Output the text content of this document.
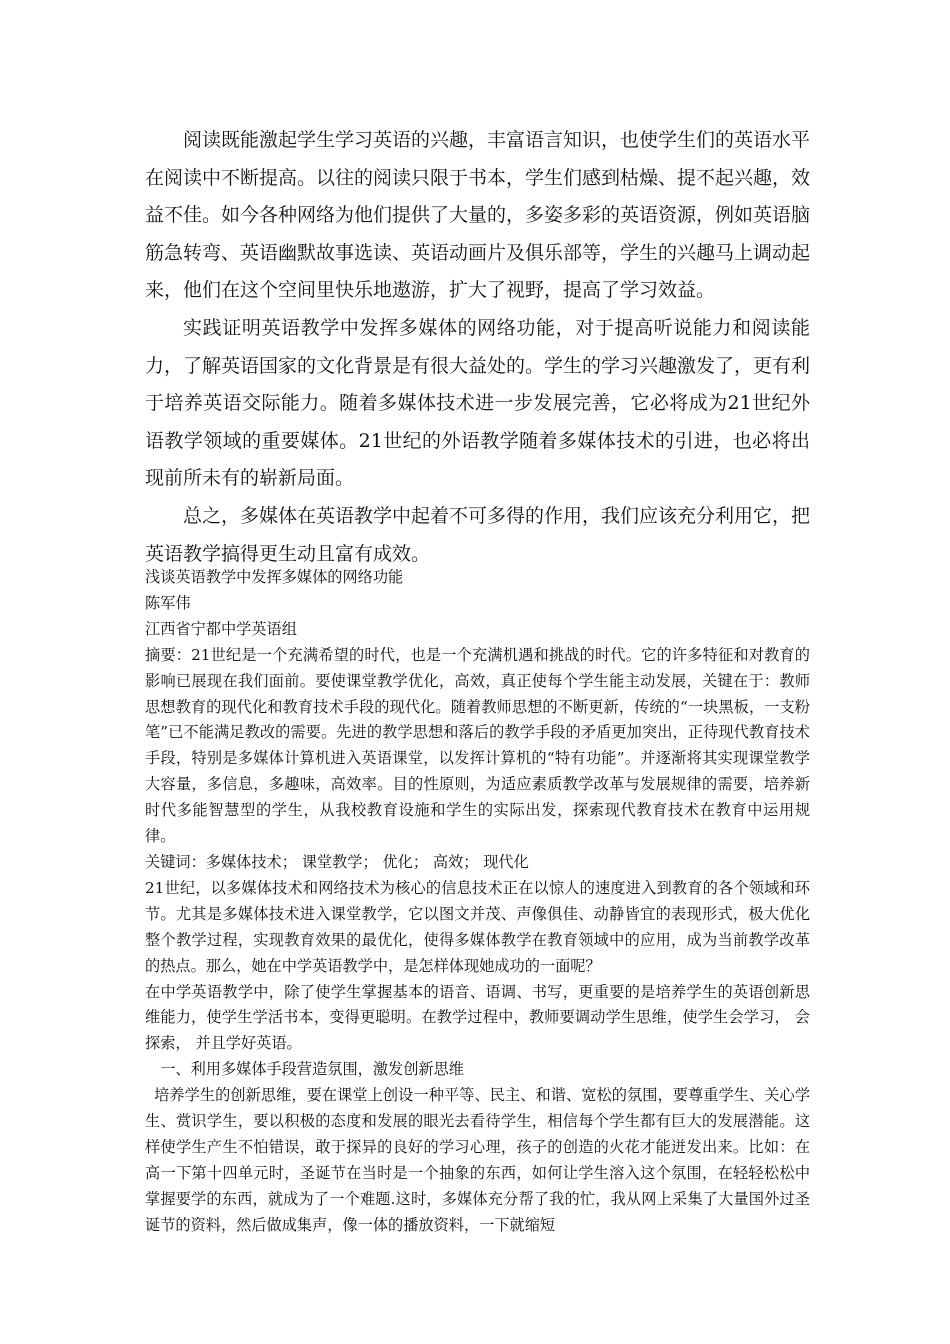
阅读既能激起学生学习英语的兴趣，丰富语言知识，也使学生们的英语水平在阅读中不断提高。以往的阅读只限于书本，学生们感到枯燥、提不起兴趣，效益不佳。如今各种网络为他们提供了大量的，多姿多彩的英语资源，例如英语脑筋急转弯、英语幽默故事选读、英语动画片及俱乐部等，学生的兴趣马上调动起来，他们在这个空间里快乐地遨游，扩大了视野，提高了学习效益。

实践证明英语教学中发挥多媒体的网络功能，对于提高听说能力和阅读能力，了解英语国家的文化背景是有很大益处的。学生的学习兴趣激发了，更有利于培养英语交际能力。随着多媒体技术进一步发展完善，它必将成为21世纪外语教学领域的重要媒体。21世纪的外语教学随着多媒体技术的引进，也必将出现前所未有的崭新局面。

总之，多媒体在英语教学中起着不可多得的作用，我们应该充分利用它，把英语教学搞得更生动且富有成效。

浅谈英语教学中发挥多媒体的网络功能

陈军伟

江西省宁都中学英语组

摘要：21世纪是一个充满希望的时代，也是一个充满机遇和挑战的时代。它的许多特征和对教育的影响已展现在我们面前。要使课堂教学优化，高效，真正使每个学生能主动发展，关键在于：教师思想教育的现代化和教育技术手段的现代化。随着教师思想的不断更新，传统的“一块黑板，一支粉笔”已不能满足教改的需要。先进的教学思想和落后的教学手段的矛盾更加突出，正待现代教育技术手段，特别是多媒体计算机进入英语课堂，以发挥计算机的“特有功能”。并逐渐将其实现课堂教学大容量，多信息，多趣味，高效率。目的性原则，为适应素质教学改革与发展规律的需要，培养新时代多能智慧型的学生，从我校教育设施和学生的实际出发，探索现代教育技术在教育中运用规律。

关键词：多媒体技术； 课堂教学； 优化； 高效； 现代化

21世纪，以多媒体技术和网络技术为核心的信息技术正在以惊人的速度进入到教育的各个领域和环节。尤其是多媒体技术进入课堂教学，它以图文并茂、声像俱佳、动静皆宜的表现形式，极大优化整个教学过程，实现教育效果的最优化，使得多媒体教学在教育领域中的应用，成为当前教学改革的热点。那么，她在中学英语教学中，是怎样体现她成功的一面呢？

在中学英语教学中，除了使学生掌握基本的语音、语调、书写，更重要的是培养学生的英语创新思维能力，使学生学活书本，变得更聪明。在教学过程中，教师要调动学生思维，使学生会学习， 会探索， 并且学好英语。

一、利用多媒体手段营造氛围，激发创新思维

培养学生的创新思维，要在课堂上创设一种平等、民主、和谐、宽松的氛围，要尊重学生、关心学生、赏识学生，要以积极的态度和发展的眼光去看待学生，相信每个学生都有巨大的发展潜能。这样使学生产生不怕错误，敢于探异的良好的学习心理，孩子的创造的火花才能迸发出来。比如：在高一下第十四单元时，圣诞节在当时是一个抽象的东西，如何让学生溶入这个氛围，在轻轻松松中掌握要学的东西，就成为了一个难题.这时，多媒体充分帮了我的忙，我从网上采集了大量国外过圣诞节的资料，然后做成集声，像一体的播放资料，一下就缩短
